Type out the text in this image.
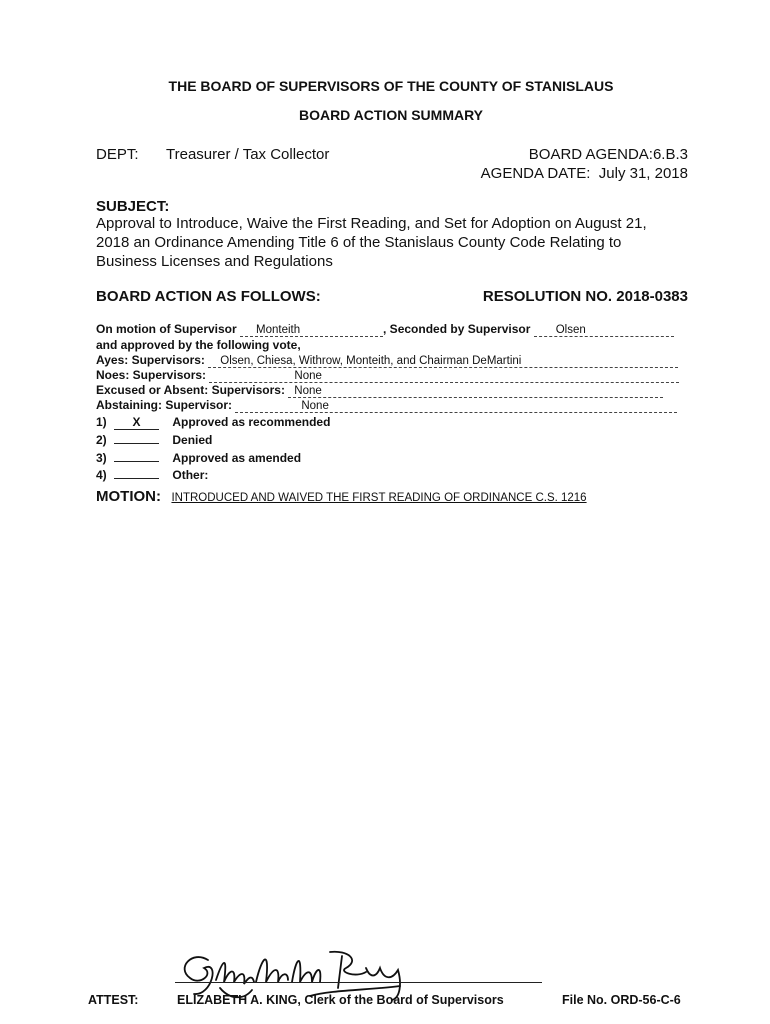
THE BOARD OF SUPERVISORS OF THE COUNTY OF STANISLAUS
BOARD ACTION SUMMARY
DEPT: Treasurer / Tax Collector	BOARD AGENDA:6.B.3
AGENDA DATE: July 31, 2018
SUBJECT:
Approval to Introduce, Waive the First Reading, and Set for Adoption on August 21,
2018 an Ordinance Amending Title 6 of the Stanislaus County Code Relating to
Business Licenses and Regulations
BOARD ACTION AS FOLLOWS:	RESOLUTION NO. 2018-0383
On motion of Supervisor Monteith	, Seconded by Supervisor Olsen
and approved by the following vote,
Ayes: Supervisors: Olsen, Chiesa, Withrow, Monteith, and Chairman DeMartini
Noes: Supervisors:	None
Excused or Absent: Supervisors: None
Abstaining: Supervisor:	None
1) X	Approved as recommended
2)	Denied
3)	Approved as amended
4)	Other:
MOTION: INTRODUCED AND WAIVED THE FIRST READING OF ORDINANCE C.S. 1216
ATTEST:	ELIZABETH A. KING, Clerk of the Board of Supervisors	File No. ORD-56-C-6
